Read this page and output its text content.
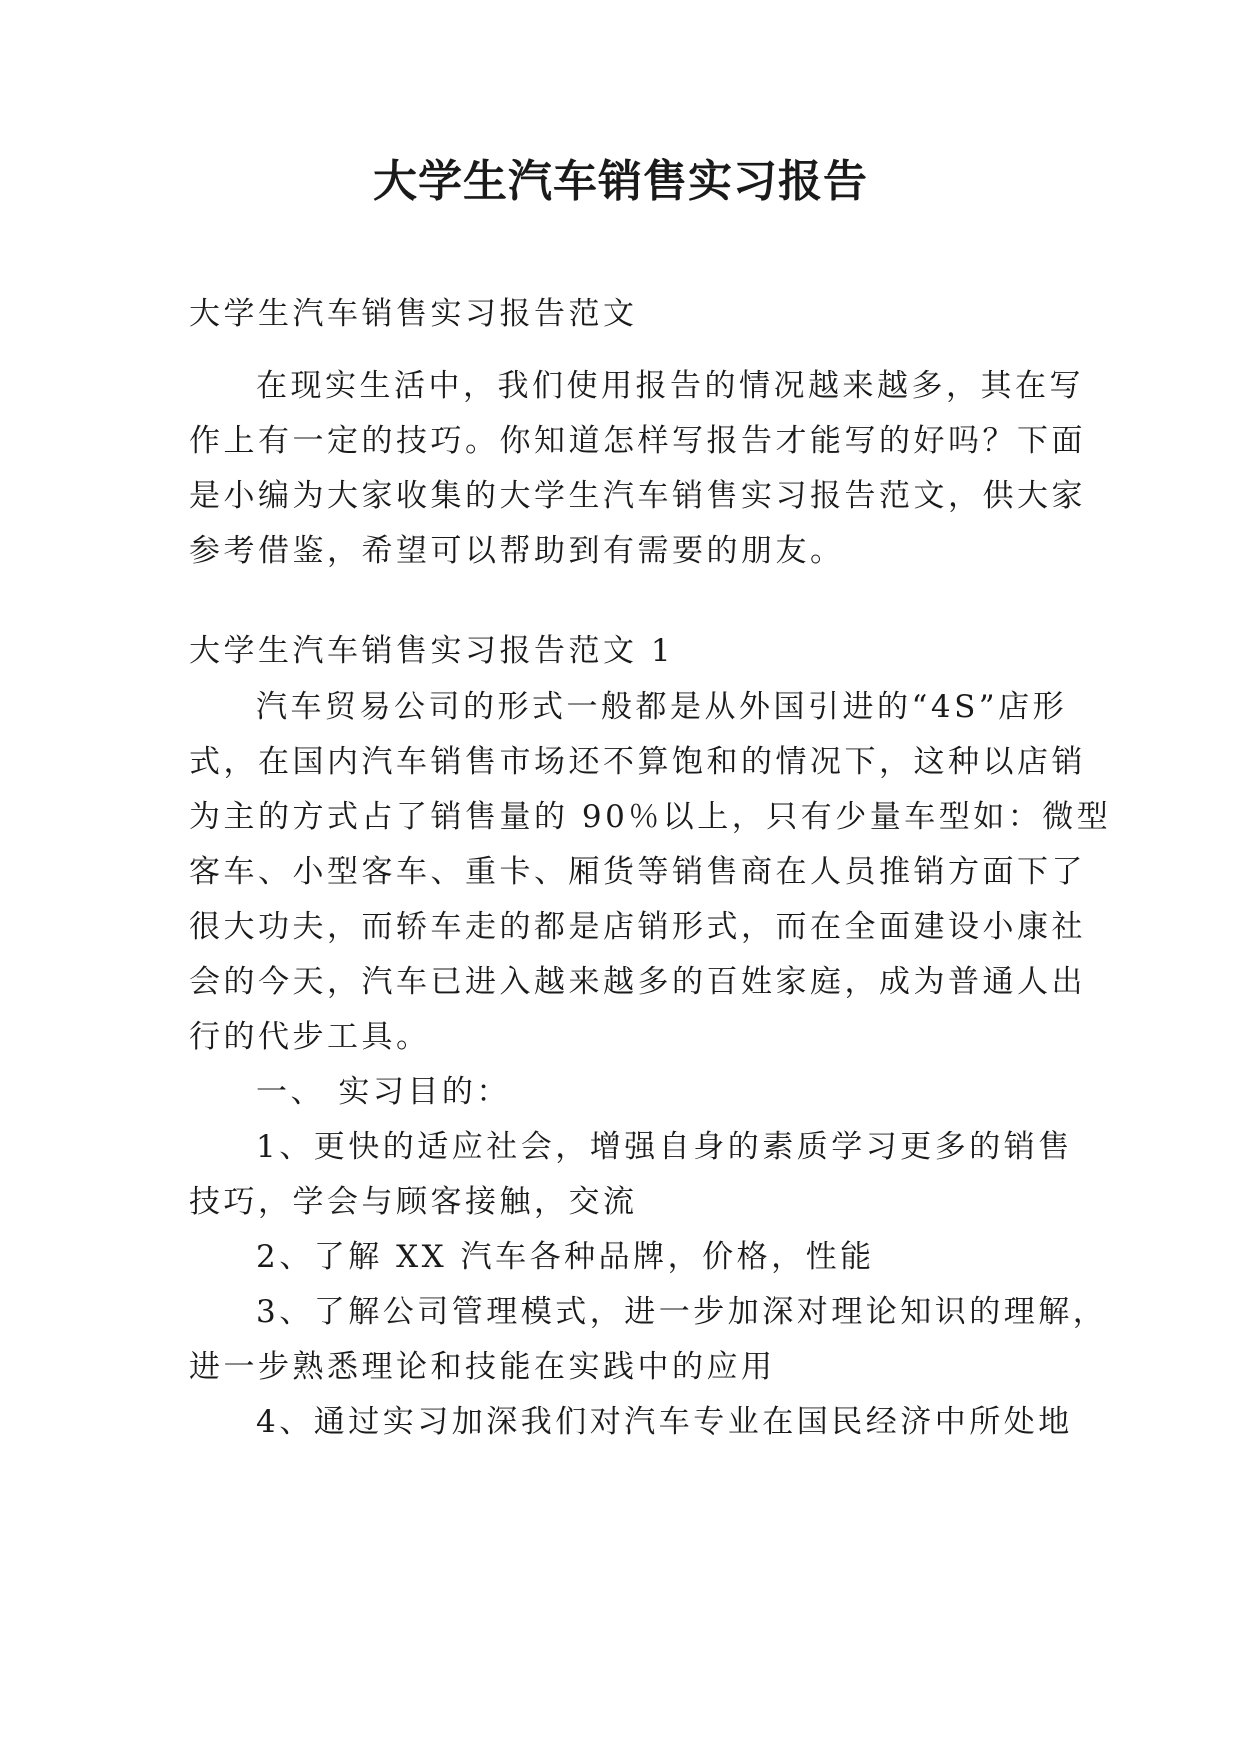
大学生汽车销售实习报告

大学生汽车销售实习报告范文

在现实生活中，我们使用报告的情况越来越多，其在写

作上有一定的技巧。你知道怎样写报告才能写的好吗？下面

是小编为大家收集的大学生汽车销售实习报告范文，供大家

参考借鉴，希望可以帮助到有需要的朋友。

大学生汽车销售实习报告范文 1

汽车贸易公司的形式一般都是从外国引进的“4S”店形

式，在国内汽车销售市场还不算饱和的情况下，这种以店销

为主的方式占了销售量的 90％以上，只有少量车型如：微型

客车、小型客车、重卡、厢货等销售商在人员推销方面下了

很大功夫，而轿车走的都是店销形式，而在全面建设小康社

会的今天，汽车已进入越来越多的百姓家庭，成为普通人出

行的代步工具。

一、 实习目的：

1、更快的适应社会，增强自身的素质学习更多的销售

技巧，学会与顾客接触，交流

2、了解 XX 汽车各种品牌，价格，性能

3、了解公司管理模式，进一步加深对理论知识的理解，

进一步熟悉理论和技能在实践中的应用

4、通过实习加深我们对汽车专业在国民经济中所处地
